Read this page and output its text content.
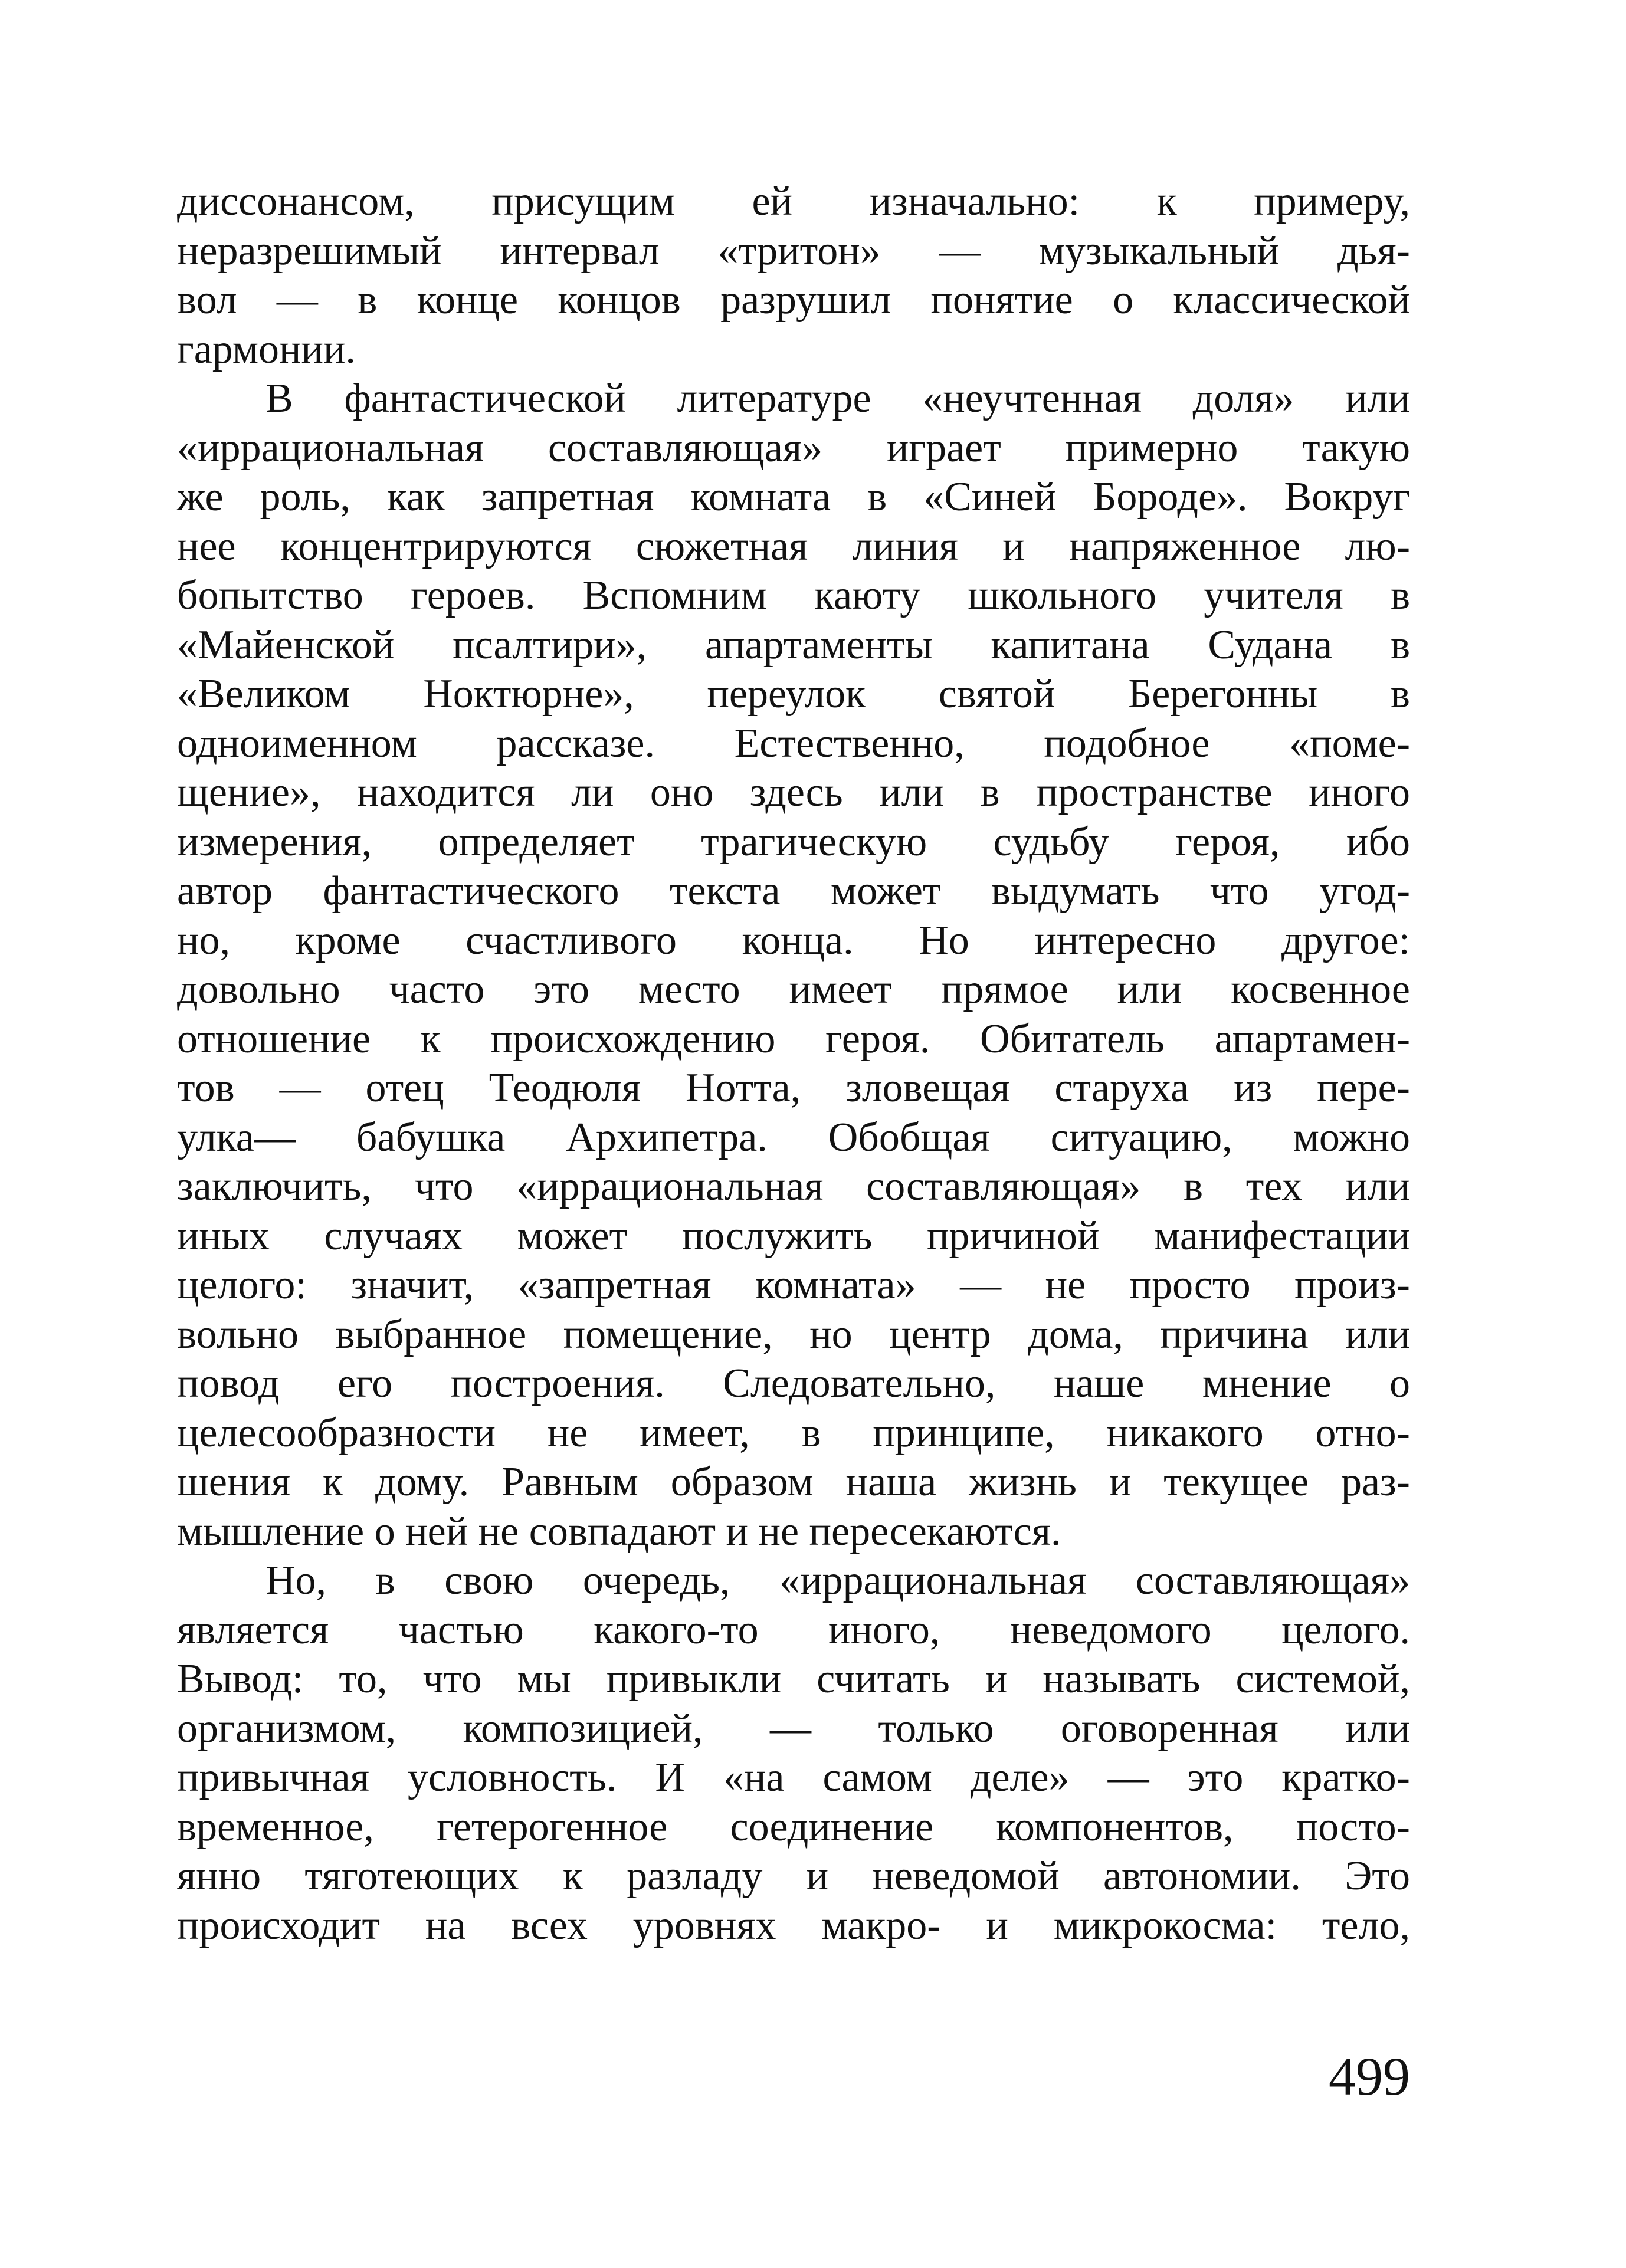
диссонансом, присущим ей изначально: к примеру,
неразрешимый интервал «тритон» — музыкальный дья-
вол — в конце концов разрушил понятие о классической
гармонии.
В фантастической литературе «неучтенная доля» или
«иррациональная составляющая» играет примерно такую
же роль, как запретная комната в «Синей Бороде». Вокруг
нее концентрируются сюжетная линия и напряженное лю-
бопытство героев. Вспомним каюту школьного учителя в
«Майенской псалтири», апартаменты капитана Судана в
«Великом Ноктюрне», переулок святой Берегонны в
одноименном рассказе. Естественно, подобное «поме-
щение», находится ли оно здесь или в пространстве иного
измерения, определяет трагическую судьбу героя, ибо
автор фантастического текста может выдумать что угод-
но, кроме счастливого конца. Но интересно другое:
довольно часто это место имеет прямое или косвенное
отношение к происхождению героя. Обитатель апартамен-
тов — отец Теодюля Нотта, зловещая старуха из пере-
улка— бабушка Архипетра. Обобщая ситуацию, можно
заключить, что «иррациональная составляющая» в тех или
иных случаях может послужить причиной манифестации
целого: значит, «запретная комната» — не просто произ-
вольно выбранное помещение, но центр дома, причина или
повод его построения. Следовательно, наше мнение о
целесообразности не имеет, в принципе, никакого отно-
шения к дому. Равным образом наша жизнь и текущее раз-
мышление о ней не совпадают и не пересекаются.
Но, в свою очередь, «иррациональная составляющая»
является частью какого-то иного, неведомого целого.
Вывод: то, что мы привыкли считать и называть системой,
организмом, композицией, — только оговоренная или
привычная условность. И «на самом деле» — это кратко-
временное, гетерогенное соединение компонентов, посто-
янно тяготеющих к разладу и неведомой автономии. Это
происходит на всех уровнях макро- и микрокосма: тело,
499
